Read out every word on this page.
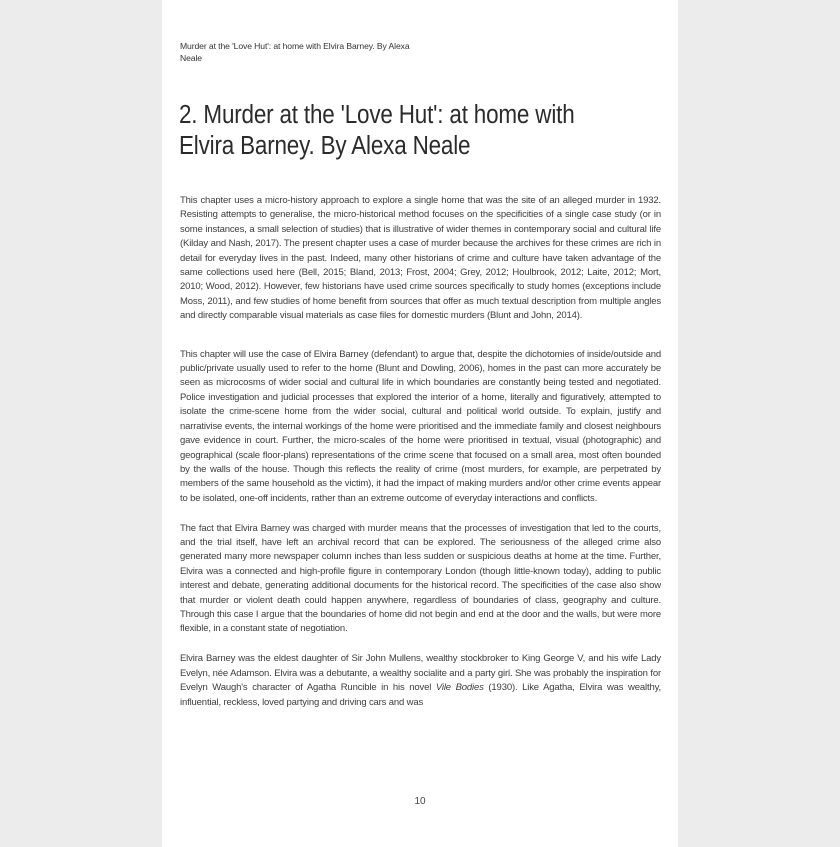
Murder at the 'Love Hut': at home with Elvira Barney. By Alexa Neale
2. Murder at the 'Love Hut': at home with Elvira Barney. By Alexa Neale

This chapter uses a micro-history approach to explore a single home that was the site of an alleged murder in 1932. Resisting attempts to generalise, the micro-historical method focuses on the specificities of a single case study (or in some instances, a small selection of studies) that is illustrative of wider themes in contemporary social and cultural life (Kilday and Nash, 2017). The present chapter uses a case of murder because the archives for these crimes are rich in detail for everyday lives in the past. Indeed, many other historians of crime and culture have taken advantage of the same collections used here (Bell, 2015; Bland, 2013; Frost, 2004; Grey, 2012; Houlbrook, 2012; Laite, 2012; Mort, 2010; Wood, 2012). However, few historians have used crime sources specifically to study homes (exceptions include Moss, 2011), and few studies of home benefit from sources that offer as much textual description from multiple angles and directly comparable visual materials as case files for domestic murders (Blunt and John, 2014).

This chapter will use the case of Elvira Barney (defendant) to argue that, despite the dichotomies of inside/outside and public/private usually used to refer to the home (Blunt and Dowling, 2006), homes in the past can more accurately be seen as microcosms of wider social and cultural life in which boundaries are constantly being tested and negotiated. Police investigation and judicial processes that explored the interior of a home, literally and figuratively, attempted to isolate the crime-scene home from the wider social, cultural and political world outside. To explain, justify and narrativise events, the internal workings of the home were prioritised and the immediate family and closest neighbours gave evidence in court. Further, the micro-scales of the home were prioritised in textual, visual (photographic) and geographical (scale floor-plans) representations of the crime scene that focused on a small area, most often bounded by the walls of the house. Though this reflects the reality of crime (most murders, for example, are perpetrated by members of the same household as the victim), it had the impact of making murders and/or other crime events appear to be isolated, one-off incidents, rather than an extreme outcome of everyday interactions and conflicts.

The fact that Elvira Barney was charged with murder means that the processes of investigation that led to the courts, and the trial itself, have left an archival record that can be explored. The seriousness of the alleged crime also generated many more newspaper column inches than less sudden or suspicious deaths at home at the time. Further, Elvira was a connected and high-profile figure in contemporary London (though little-known today), adding to public interest and debate, generating additional documents for the historical record. The specificities of the case also show that murder or violent death could happen anywhere, regardless of boundaries of class, geography and culture. Through this case I argue that the boundaries of home did not begin and end at the door and the walls, but were more flexible, in a constant state of negotiation.

Elvira Barney was the eldest daughter of Sir John Mullens, wealthy stockbroker to King George V, and his wife Lady Evelyn, née Adamson. Elvira was a debutante, a wealthy socialite and a party girl. She was probably the inspiration for Evelyn Waugh's character of Agatha Runcible in his novel Vile Bodies (1930). Like Agatha, Elvira was wealthy, influential, reckless, loved partying and driving cars and was

10
